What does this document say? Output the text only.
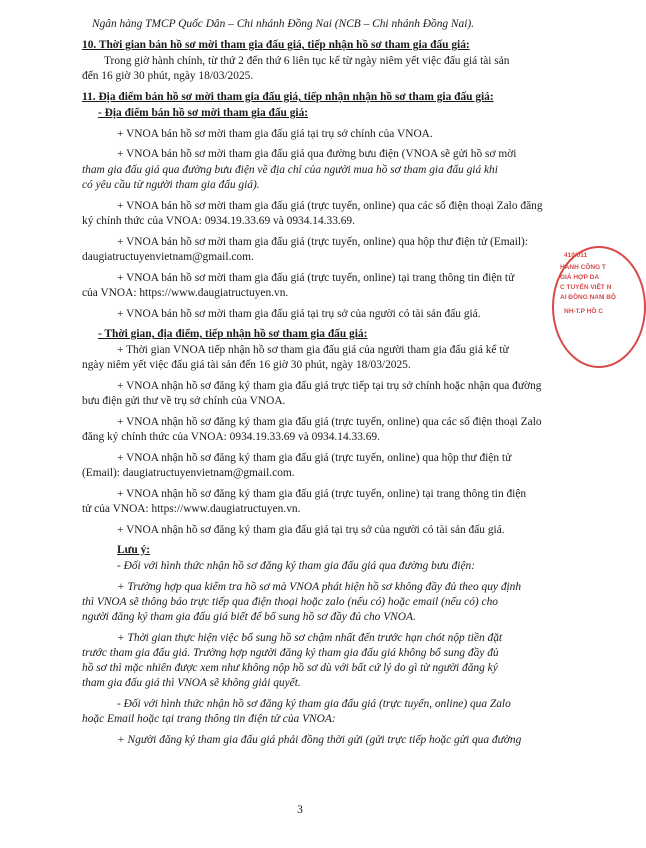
Ngân hàng TMCP Quốc Dân – Chi nhánh Đồng Nai (NCB – Chi nhánh Đồng Nai).
10. Thời gian bán hồ sơ mời tham gia đấu giá, tiếp nhận hồ sơ tham gia đấu giá:
Trong giờ hành chính, từ thứ 2 đến thứ 6 liên tục kể từ ngày niêm yết việc đấu giá tài sản
đến 16 giờ 30 phút, ngày 18/03/2025.
11. Địa điểm bán hồ sơ mời tham gia đấu giá, tiếp nhận nhận hồ sơ tham gia đấu giá:
- Địa điểm bán hồ sơ mời tham gia đấu giá:
+ VNOA bán hồ sơ mời tham gia đấu giá tại trụ sở chính của VNOA.
+ VNOA bán hồ sơ mời tham gia đấu giá qua đường bưu điện (VNOA sẽ gửi hồ sơ mời
tham gia đấu giá qua đường bưu điện về địa chỉ của người mua hồ sơ tham gia đấu giá khi
có yêu cầu từ người tham gia đấu giá).
+ VNOA bán hồ sơ mời tham gia đấu giá (trực tuyến, online) qua các số điện thoại Zalo đăng
ký chính thức của VNOA: 0934.19.33.69 và 0934.14.33.69.
+ VNOA bán hồ sơ mời tham gia đấu giá (trực tuyến, online) qua hộp thư điện tử (Email):
daugiatructuyenvietnam@gmail.com.
+ VNOA bán hồ sơ mời tham gia đấu giá (trực tuyến, online) tại trang thông tin điện tử
của VNOA: https://www.daugiatructuyen.vn.
+ VNOA bán hồ sơ mời tham gia đấu giá tại trụ sở của người có tài sản đấu giá.
- Thời gian, địa điểm, tiếp nhận hồ sơ tham gia đấu giá:
+ Thời gian VNOA tiếp nhận hồ sơ tham gia đấu giá của người tham gia đấu giá kể từ
ngày niêm yết việc đấu giá tài sản đến 16 giờ 30 phút, ngày 18/03/2025.
+ VNOA nhận hồ sơ đăng ký tham gia đấu giá trực tiếp tại trụ sở chính hoặc nhận qua đường
bưu điện gửi thư về trụ sở chính của VNOA.
+ VNOA nhận hồ sơ đăng ký tham gia đấu giá (trực tuyến, online) qua các số điện thoại Zalo
đăng ký chính thức của VNOA: 0934.19.33.69 và 0934.14.33.69.
+ VNOA nhận hồ sơ đăng ký tham gia đấu giá (trực tuyến, online) qua hộp thư điện tử
(Email): daugiatructuyenvietnam@gmail.com.
+ VNOA nhận hồ sơ đăng ký tham gia đấu giá (trực tuyến, online) tại trang thông tin điện
tử của VNOA: https://www.daugiatructuyen.vn.
+ VNOA nhận hồ sơ đăng ký tham gia đấu giá tại trụ sở của người có tài sản đấu giá.
Lưu ý:
- Đối với hình thức nhận hồ sơ đăng ký tham gia đấu giá qua đường bưu điện:
+ Trường hợp qua kiểm tra hồ sơ mà VNOA phát hiện hồ sơ không đầy đủ theo quy định
thì VNOA sẽ thông báo trực tiếp qua điện thoại hoặc zalo (nếu có) hoặc email (nếu có) cho
người đăng ký tham gia đấu giá biết để bổ sung hồ sơ đầy đủ cho VNOA.
+ Thời gian thực hiện việc bổ sung hồ sơ chậm nhất đến trước hạn chót nộp tiền đặt
trước tham gia đấu giá. Trường hợp người đăng ký tham gia đấu giá không bổ sung đầy đủ
hồ sơ thì mặc nhiên được xem như không nộp hồ sơ dù với bất cứ lý do gì từ người đăng ký
tham gia đấu giá thì VNOA sẽ không giải quyết.
- Đối với hình thức nhận hồ sơ đăng ký tham gia đấu giá (trực tuyến, online) qua Zalo
hoặc Email hoặc tại trang thông tin điện tử của VNOA:
+ Người đăng ký tham gia đấu giá phải đồng thời gửi (gửi trực tiếp hoặc gửi qua đường
3
410/011
HÀNH CÔNG T
GIÁ HỢP DA
C TUYẾN VIỆT N
AI ĐỒNG NAM BỘ
NH-T.P HỒ C
